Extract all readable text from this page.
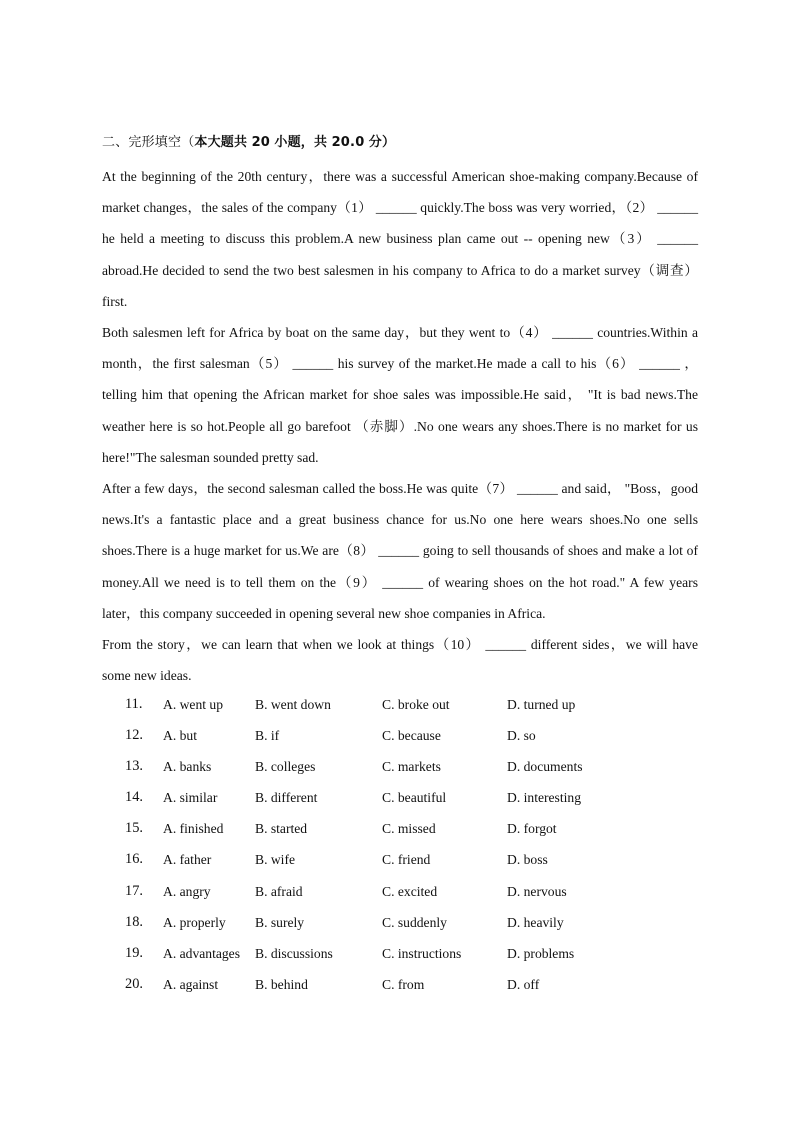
二、完形填空（本大题共 20 小题，共 20.0 分）

At the beginning of the 20th century，there was a successful American shoe-making company.Because of market changes，the sales of the company（1） ______ quickly.The boss was very worried，（2） ______ he held a meeting to discuss this problem.A new business plan came out -- opening new（3） ______ abroad.He decided to send the two best salesmen in his company to Africa to do a market survey（调查） first.

Both salesmen left for Africa by boat on the same day，but they went to（4） ______ countries.Within a month，the first salesman（5） ______ his survey of the market.He made a call to his（6） ______ ，telling him that opening the African market for shoe sales was impossible.He said， "It is bad news.The weather here is so hot.People all go barefoot （赤脚）.No one wears any shoes.There is no market for us here!"The salesman sounded pretty sad.

After a few days，the second salesman called the boss.He was quite（7） ______ and said， "Boss，good news.It's a fantastic place and a great business chance for us.No one here wears shoes.No one sells shoes.There is a huge market for us.We are（8） ______ going to sell thousands of shoes and make a lot of money.All we need is to tell them on the（9） ______ of wearing shoes on the hot road." A few years later，this company succeeded in opening several new shoe companies in Africa.

From the story，we can learn that when we look at things（10） ______ different sides，we will have some new ideas.

11. A. went up B. went down	C. broke out	D. turned up
12. A. but	B. if	C. because	D. so
13. A. banks	B. colleges	C. markets	D. documents
14. A. similar	B. different	C. beautiful	D. interesting
15. A. finished B. started	C. missed	D. forgot
16. A. father	B. wife	C. friend	D. boss
17. A. angry	B. afraid	C. excited	D. nervous
18. A. properly B. surely	C. suddenly	D. heavily
19. A. advantages B. discussions	C. instructions	D. problems
20. A. against	B. behind	C. from	D. off
